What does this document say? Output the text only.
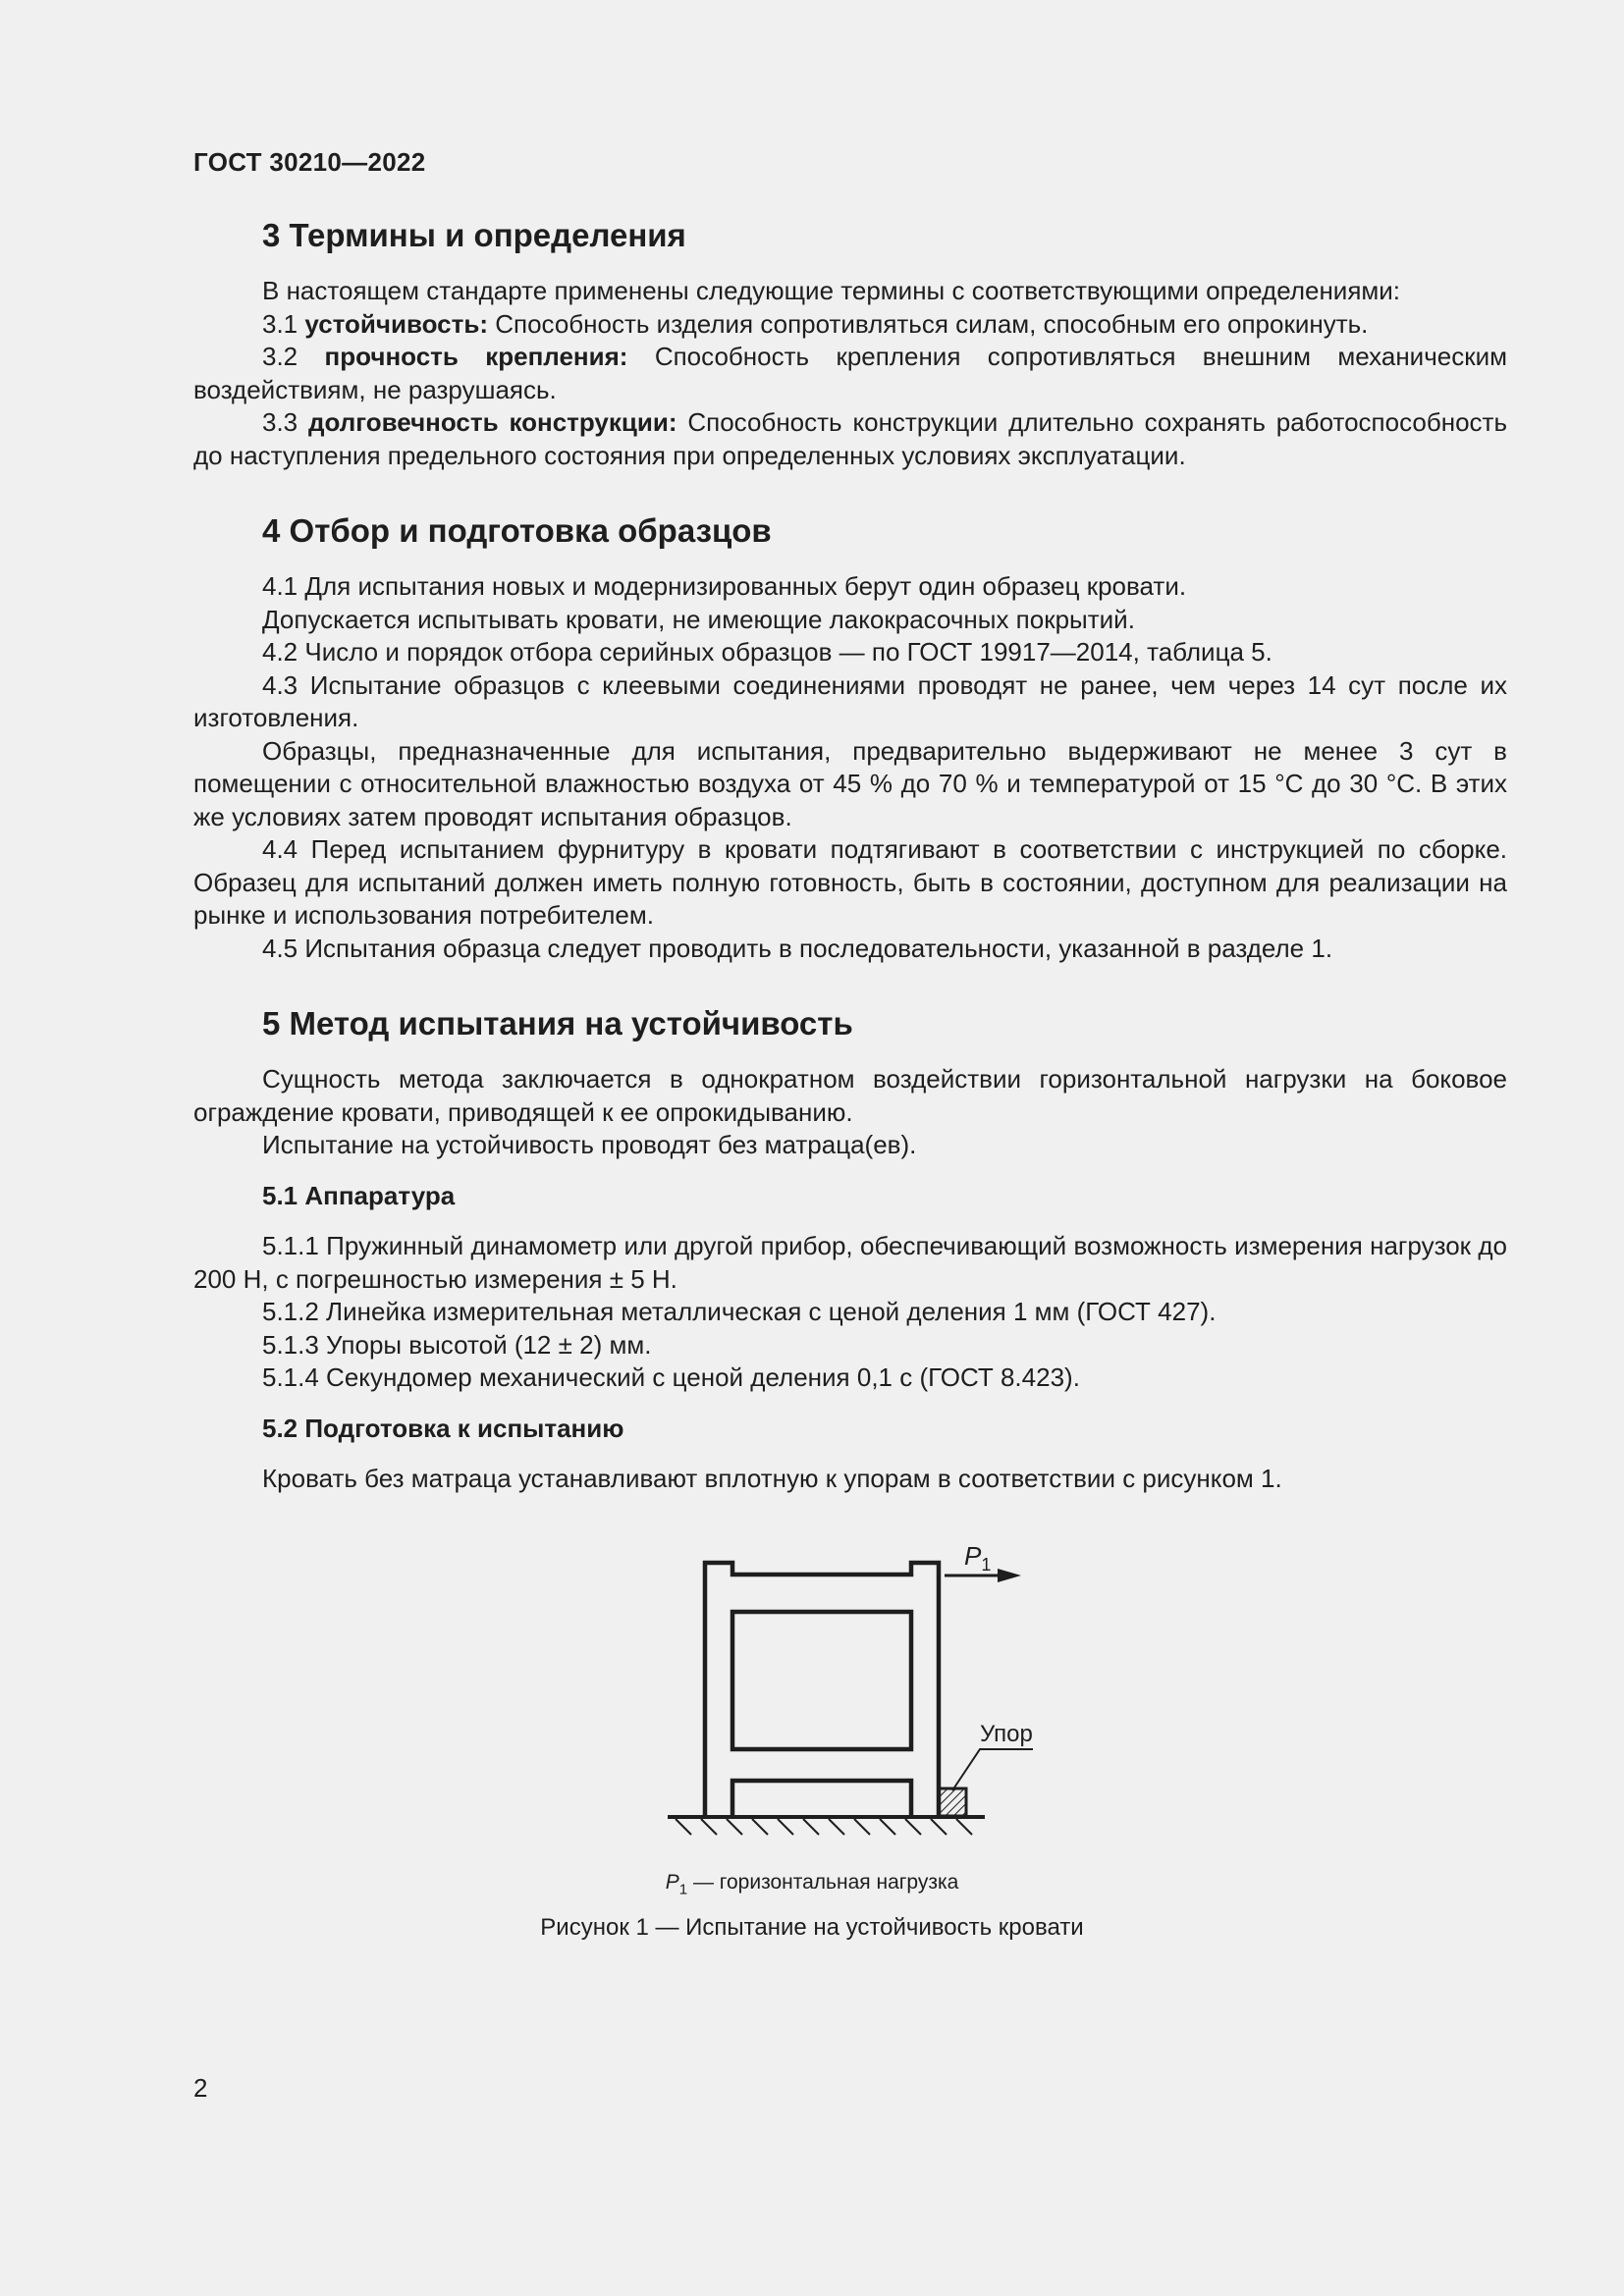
ГОСТ 30210—2022
3 Термины и определения

В настоящем стандарте применены следующие термины с соответствующими определениями:

3.1 устойчивость: Способность изделия сопротивляться силам, способным его опрокинуть.

3.2 прочность крепления: Способность крепления сопротивляться внешним механическим воздействиям, не разрушаясь.

3.3 долговечность конструкции: Способность конструкции длительно сохранять работоспособность до наступления предельного состояния при определенных условиях эксплуатации.

4 Отбор и подготовка образцов

4.1 Для испытания новых и модернизированных берут один образец кровати.

Допускается испытывать кровати, не имеющие лакокрасочных покрытий.

4.2 Число и порядок отбора серийных образцов — по ГОСТ 19917—2014, таблица 5.

4.3 Испытание образцов с клеевыми соединениями проводят не ранее, чем через 14 сут после их изготовления.

Образцы, предназначенные для испытания, предварительно выдерживают не менее 3 сут в помещении с относительной влажностью воздуха от 45 % до 70 % и температурой от 15 °С до 30 °С. В этих же условиях затем проводят испытания образцов.

4.4 Перед испытанием фурнитуру в кровати подтягивают в соответствии с инструкцией по сборке. Образец для испытаний должен иметь полную готовность, быть в состоянии, доступном для реализации на рынке и использования потребителем.

4.5 Испытания образца следует проводить в последовательности, указанной в разделе 1.

5 Метод испытания на устойчивость

Сущность метода заключается в однократном воздействии горизонтальной нагрузки на боковое ограждение кровати, приводящей к ее опрокидыванию.

Испытание на устойчивость проводят без матраца(ев).

5.1 Аппаратура

5.1.1 Пружинный динамометр или другой прибор, обеспечивающий возможность измерения нагрузок до 200 Н, с погрешностью измерения ± 5 Н.

5.1.2 Линейка измерительная металлическая с ценой деления 1 мм (ГОСТ 427).

5.1.3 Упоры высотой (12 ± 2) мм.

5.1.4 Секундомер механический с ценой деления 0,1 с (ГОСТ 8.423).

5.2 Подготовка к испытанию

Кровать без матраца устанавливают вплотную к упорам в соответствии с рисунком 1.

$P_1$
Упор
$P_1$ — горизонтальная нагрузка
Рисунок 1 — Испытание на устойчивость кровати
2
